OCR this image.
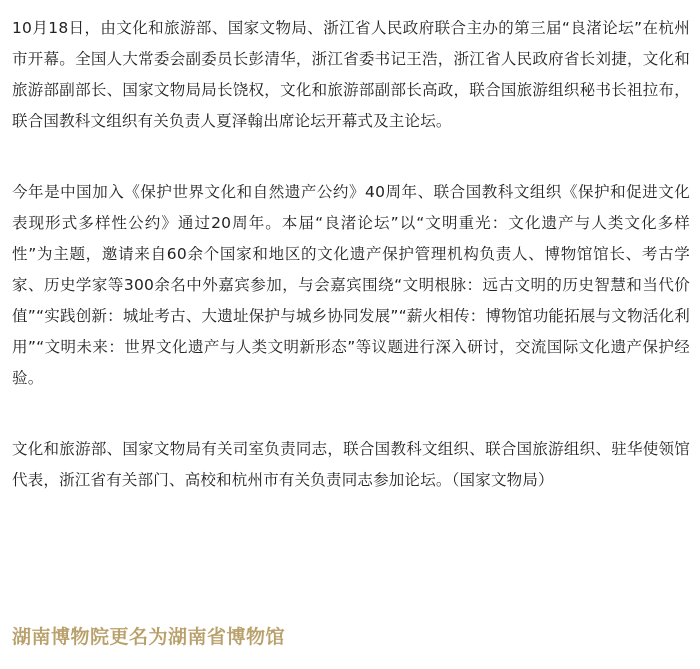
10月18日，由文化和旅游部、国家文物局、浙江省人民政府联合主办的第三届“良渚论坛”在杭州市开幕。全国人大常委会副委员长彭清华，浙江省委书记王浩，浙江省人民政府省长刘捷，文化和旅游部副部长、国家文物局局长饶权，文化和旅游部副部长高政，联合国旅游组织秘书长祖拉布，联合国教科文组织有关负责人夏泽翰出席论坛开幕式及主论坛。

今年是中国加入《保护世界文化和自然遗产公约》40周年、联合国教科文组织《保护和促进文化表现形式多样性公约》通过20周年。本届“良渚论坛”以“文明重光：文化遗产与人类文化多样性”为主题，邀请来自60余个国家和地区的文化遗产保护管理机构负责人、博物馆馆长、考古学家、历史学家等300余名中外嘉宾参加，与会嘉宾围绕“文明根脉：远古文明的历史智慧和当代价值”“实践创新：城址考古、大遗址保护与城乡协同发展”“薪火相传：博物馆功能拓展与文物活化利用”“文明未来：世界文化遗产与人类文明新形态”等议题进行深入研讨，交流国际文化遗产保护经验。

文化和旅游部、国家文物局有关司室负责同志，联合国教科文组织、联合国旅游组织、驻华使领馆代表，浙江省有关部门、高校和杭州市有关负责同志参加论坛。（国家文物局）

湖南博物院更名为湖南省博物馆
